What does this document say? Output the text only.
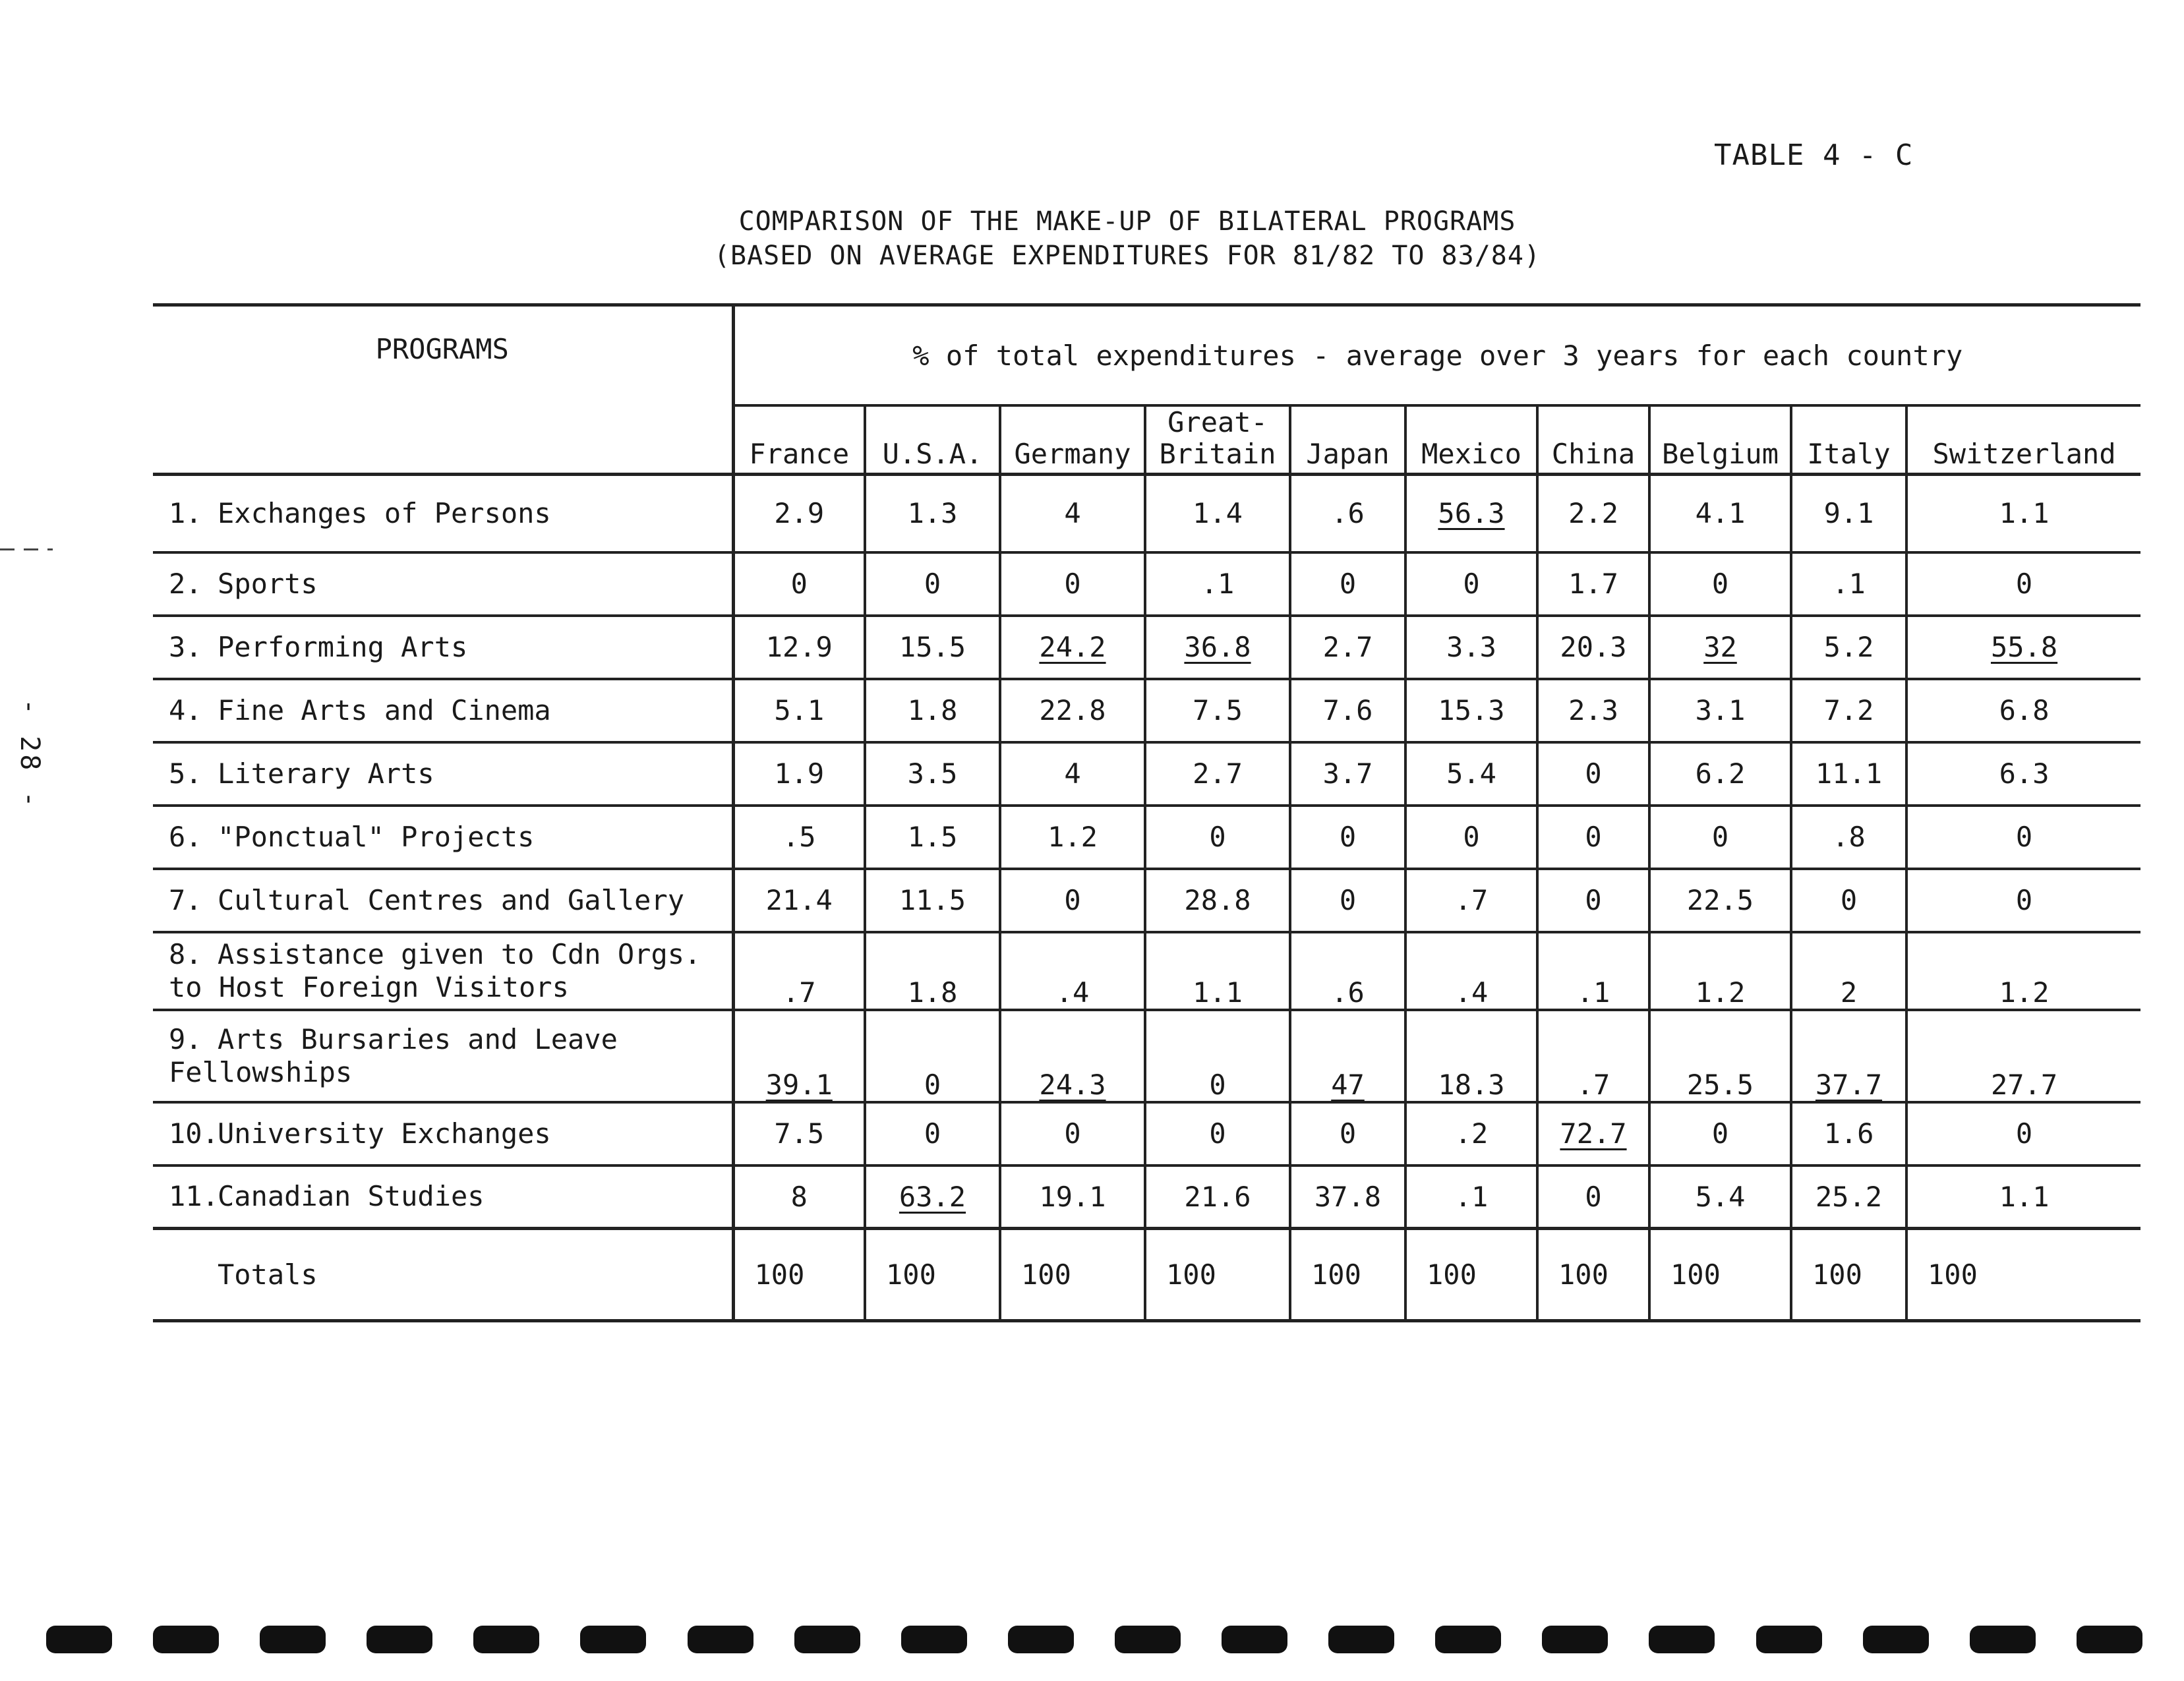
TABLE 4 - C
COMPARISON OF THE MAKE-UP OF BILATERAL PROGRAMS
(BASED ON AVERAGE EXPENDITURES FOR 81/82 TO 83/84)
- 28 -
PROGRAMS	% of total expenditures - average over 3 years for each country									
	France	U.S.A.	Germany	Great-
Britain	Japan	Mexico	China	Belgium	Italy	Switzerland
1. Exchanges of Persons	2.9	1.3	4	1.4	.6	56.3	2.2	4.1	9.1	1.1
2. Sports	0	0	0	.1	0	0	1.7	0	.1	0
3. Performing Arts	12.9	15.5	24.2	36.8	2.7	3.3	20.3	32	5.2	55.8
4. Fine Arts and Cinema	5.1	1.8	22.8	7.5	7.6	15.3	2.3	3.1	7.2	6.8
5. Literary Arts	1.9	3.5	4	2.7	3.7	5.4	0	6.2	11.1	6.3
6. "Ponctual" Projects	.5	1.5	1.2	0	0	0	0	0	.8	0
7. Cultural Centres and Gallery	21.4	11.5	0	28.8	0	.7	0	22.5	0	0
8. Assistance given to Cdn Orgs.
to Host Foreign Visitors	.7	1.8	.4	1.1	.6	.4	.1	1.2	2	1.2
9. Arts Bursaries and Leave
Fellowships	39.1	0	24.3	0	47	18.3	.7	25.5	37.7	27.7
10.University Exchanges	7.5	0	0	0	0	.2	72.7	0	1.6	0
11.Canadian Studies	8	63.2	19.1	21.6	37.8	.1	0	5.4	25.2	1.1
Totals	100	100	100	100	100	100	100	100	100	100
